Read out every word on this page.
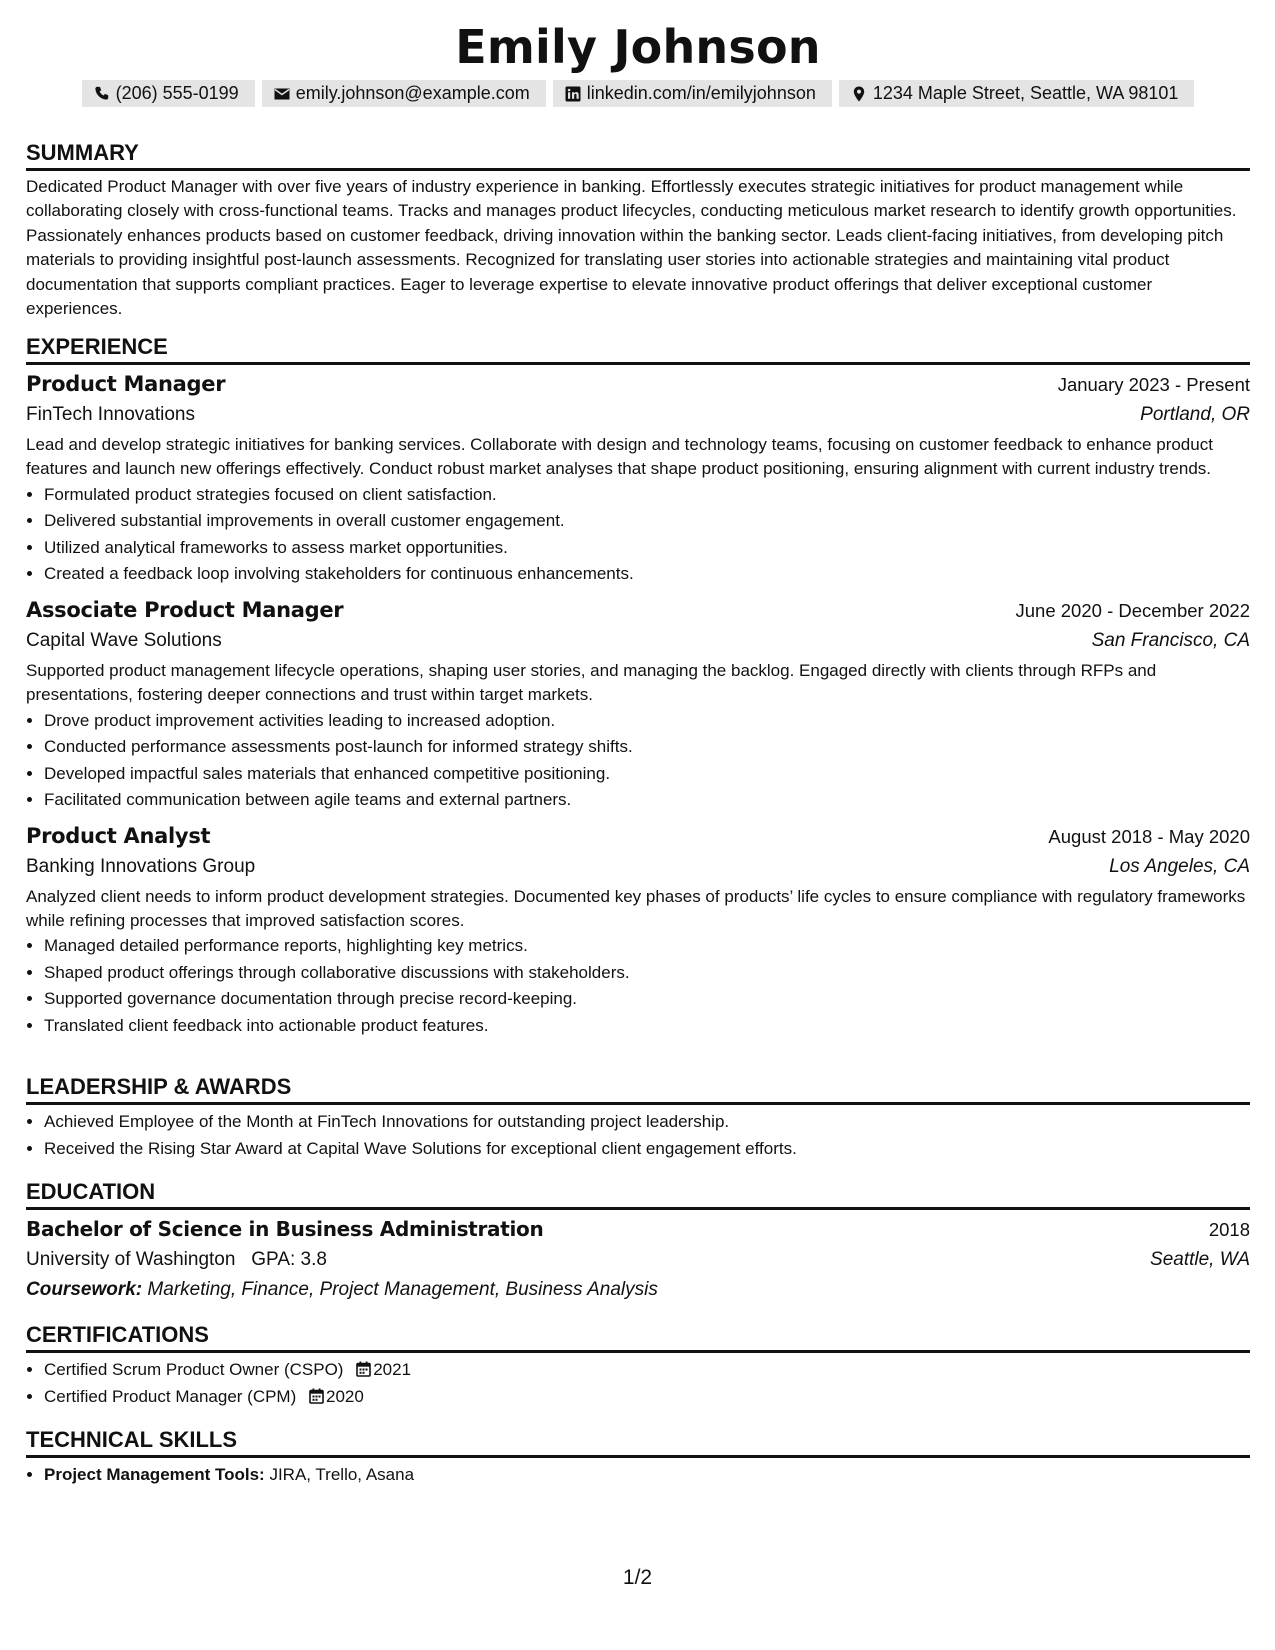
Emily Johnson
(206) 555-0199	emily.johnson@example.com	linkedin.com/in/emilyjohnson	1234 Maple Street, Seattle, WA 98101
SUMMARY

Dedicated Product Manager with over five years of industry experience in banking. Effortlessly executes strategic initiatives for product management while collaborating closely with cross-functional teams. Tracks and manages product lifecycles, conducting meticulous market research to identify growth opportunities. Passionately enhances products based on customer feedback, driving innovation within the banking sector. Leads client-facing initiatives, from developing pitch materials to providing insightful post-launch assessments. Recognized for translating user stories into actionable strategies and maintaining vital product documentation that supports compliant practices. Eager to leverage expertise to elevate innovative product offerings that deliver exceptional customer experiences.

EXPERIENCE
Product Manager	January 2023 - Present
FinTech Innovations	Portland, OR

Lead and develop strategic initiatives for banking services. Collaborate with design and technology teams, focusing on customer feedback to enhance product features and launch new offerings effectively. Conduct robust market analyses that shape product positioning, ensuring alignment with current industry trends.

• Formulated product strategies focused on client satisfaction.
• Delivered substantial improvements in overall customer engagement.
• Utilized analytical frameworks to assess market opportunities.
• Created a feedback loop involving stakeholders for continuous enhancements.
Associate Product Manager	June 2020 - December 2022
Capital Wave Solutions	San Francisco, CA

Supported product management lifecycle operations, shaping user stories, and managing the backlog. Engaged directly with clients through RFPs and presentations, fostering deeper connections and trust within target markets.

• Drove product improvement activities leading to increased adoption.
• Conducted performance assessments post-launch for informed strategy shifts.
• Developed impactful sales materials that enhanced competitive positioning.
• Facilitated communication between agile teams and external partners.
Product Analyst	August 2018 - May 2020
Banking Innovations Group	Los Angeles, CA

Analyzed client needs to inform product development strategies. Documented key phases of products’ life cycles to ensure compliance with regulatory frameworks while refining processes that improved satisfaction scores.

• Managed detailed performance reports, highlighting key metrics.
• Shaped product offerings through collaborative discussions with stakeholders.
• Supported governance documentation through precise record-keeping.
• Translated client feedback into actionable product features.
LEADERSHIP & AWARDS
• Achieved Employee of the Month at FinTech Innovations for outstanding project leadership.
• Received the Rising Star Award at Capital Wave Solutions for exceptional client engagement efforts.
EDUCATION
Bachelor of Science in Business Administration	2018
University of Washington GPA: 3.8	Seattle, WA
Coursework: Marketing, Finance, Project Management, Business Analysis
CERTIFICATIONS
• Certified Scrum Product Owner (CSPO) 2021
• Certified Product Manager (CPM) 2020
TECHNICAL SKILLS
• Project Management Tools: JIRA, Trello, Asana
1/2
